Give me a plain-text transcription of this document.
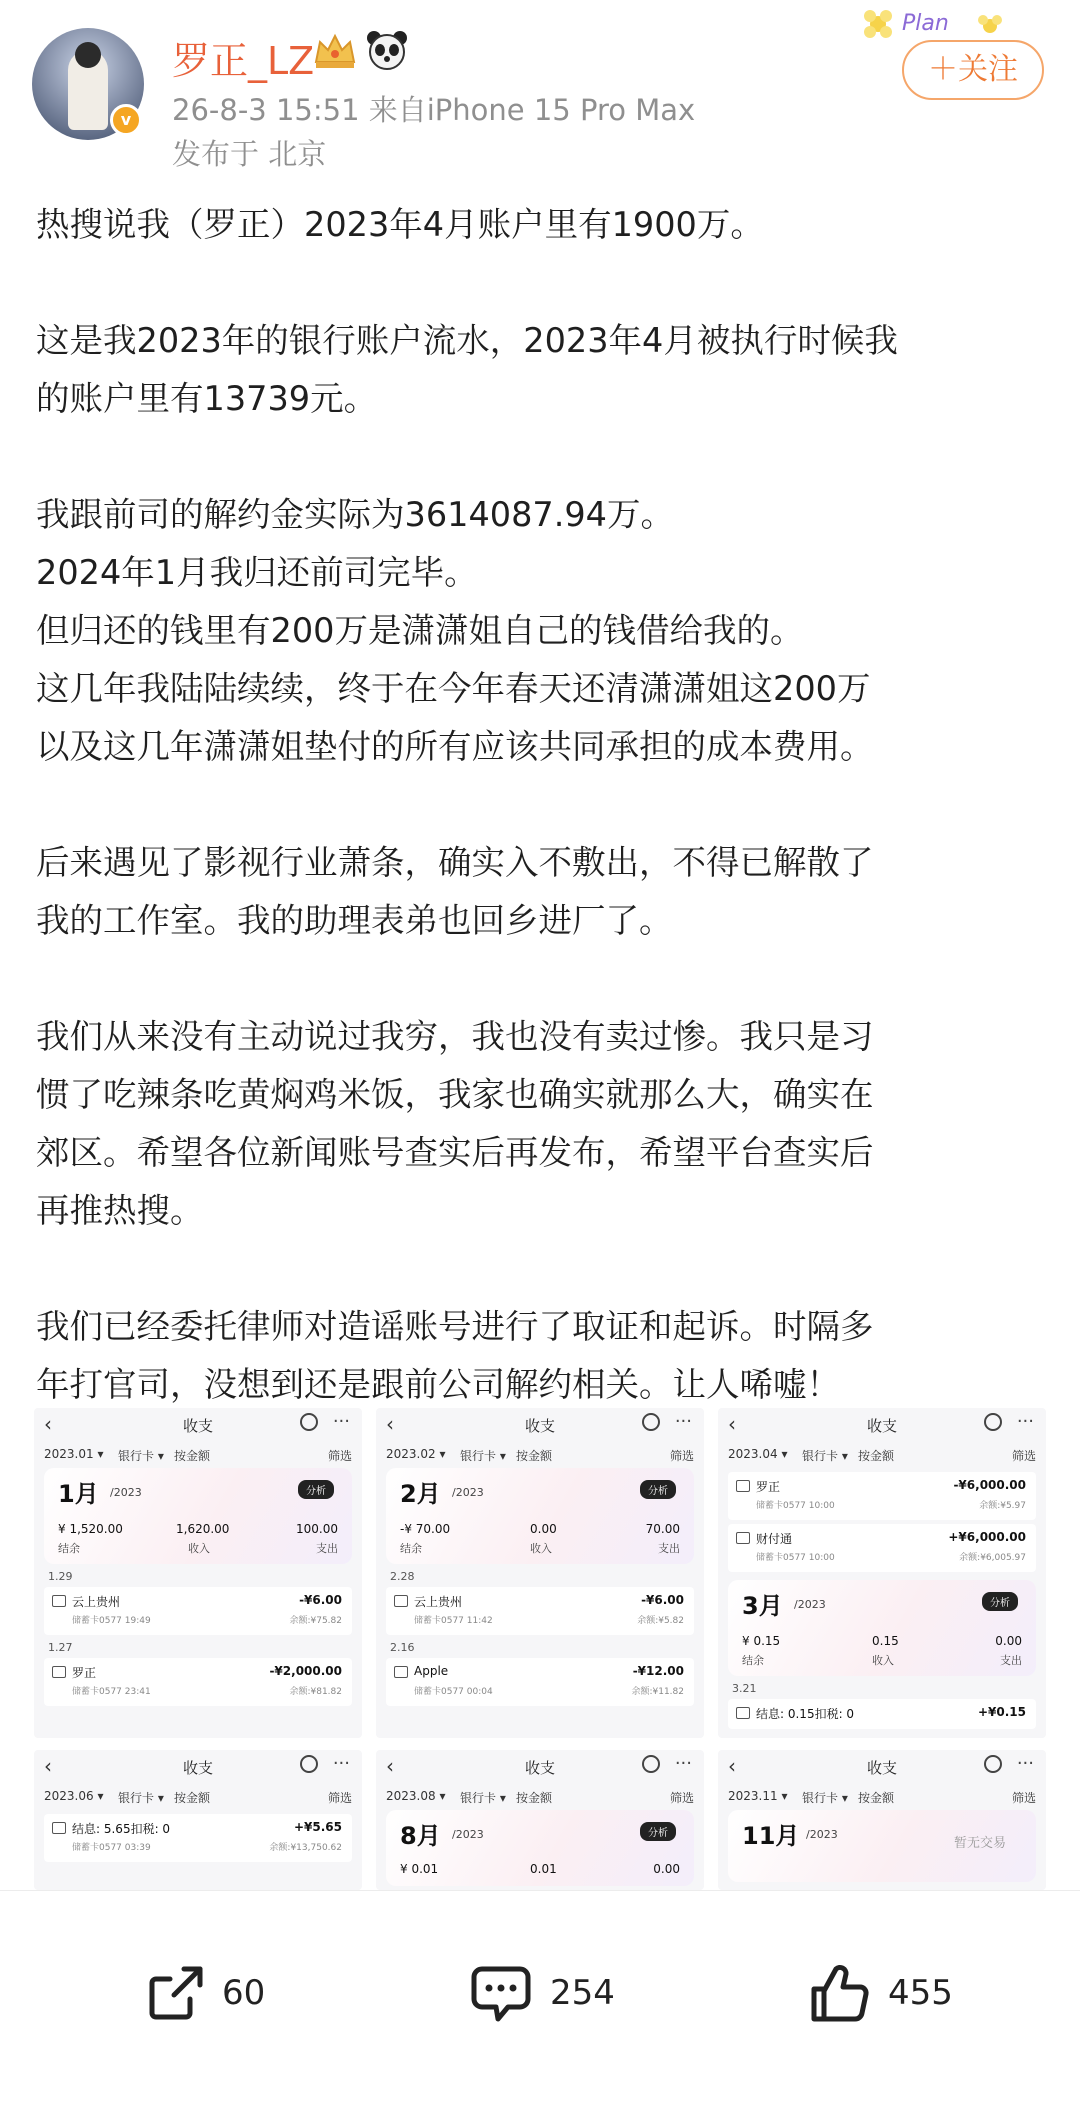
v
罗正_LZ
26-8-3 15:51 来自iPhone 15 Pro Max
发布于 北京
Plan
＋关注
热搜说我（罗正）2023年4月账户里有1900万。
这是我2023年的银行账户流水，2023年4月被执行时候我
的账户里有13739元。
我跟前司的解约金实际为3614087.94万。
2024年1月我归还前司完毕。
但归还的钱里有200万是潇潇姐自己的钱借给我的。
这几年我陆陆续续，终于在今年春天还清潇潇姐这200万
以及这几年潇潇姐垫付的所有应该共同承担的成本费用。
后来遇见了影视行业萧条，确实入不敷出，不得已解散了
我的工作室。我的助理表弟也回乡进厂了。
我们从来没有主动说过我穷，我也没有卖过惨。我只是习
惯了吃辣条吃黄焖鸡米饭，我家也确实就那么大，确实在
郊区。希望各位新闻账号查实后再发布，希望平台查实后
再推热搜。
我们已经委托律师对造谣账号进行了取证和起诉。时隔多
年打官司，没想到还是跟前公司解约相关。让人唏嘘！
‹	收支	···
2023.01 ▾ 银行卡 ▾ 按金额	筛选
1月 /2023	分析
¥ 1,520.00	1,620.00	100.00
结余	收入	支出
1.29
云上贵州
储蓄卡0577 19:49
-¥6.00
余额:¥75.82
1.27
罗正
储蓄卡0577 23:41
-¥2,000.00
余额:¥81.82
‹	收支	···
2023.02 ▾ 银行卡 ▾ 按金额	筛选
2月 /2023	分析
-¥ 70.00	0.00	70.00
结余	收入	支出
2.28
云上贵州
储蓄卡0577 11:42
-¥6.00
余额:¥5.82
2.16
Apple
储蓄卡0577 00:04
-¥12.00
余额:¥11.82
‹	收支	···
2023.04 ▾ 银行卡 ▾ 按金额	筛选
罗正
储蓄卡0577 10:00
-¥6,000.00
余额:¥5.97
财付通
储蓄卡0577 10:00
+¥6,000.00
余额:¥6,005.97
3月 /2023	分析
¥ 0.15	0.15	0.00
结余	收入	支出
3.21
结息: 0.15扣税: 0	+¥0.15
‹	收支	···
2023.06 ▾ 银行卡 ▾ 按金额	筛选
结息: 5.65扣税: 0
储蓄卡0577 03:39
+¥5.65
余额:¥13,750.62
‹	收支	···
2023.08 ▾ 银行卡 ▾ 按金额	筛选
8月 /2023	分析
¥ 0.01	0.01	0.00
‹	收支	···
2023.11 ▾ 银行卡 ▾ 按金额	筛选
11月 /2023
暂无交易
60	254	455
